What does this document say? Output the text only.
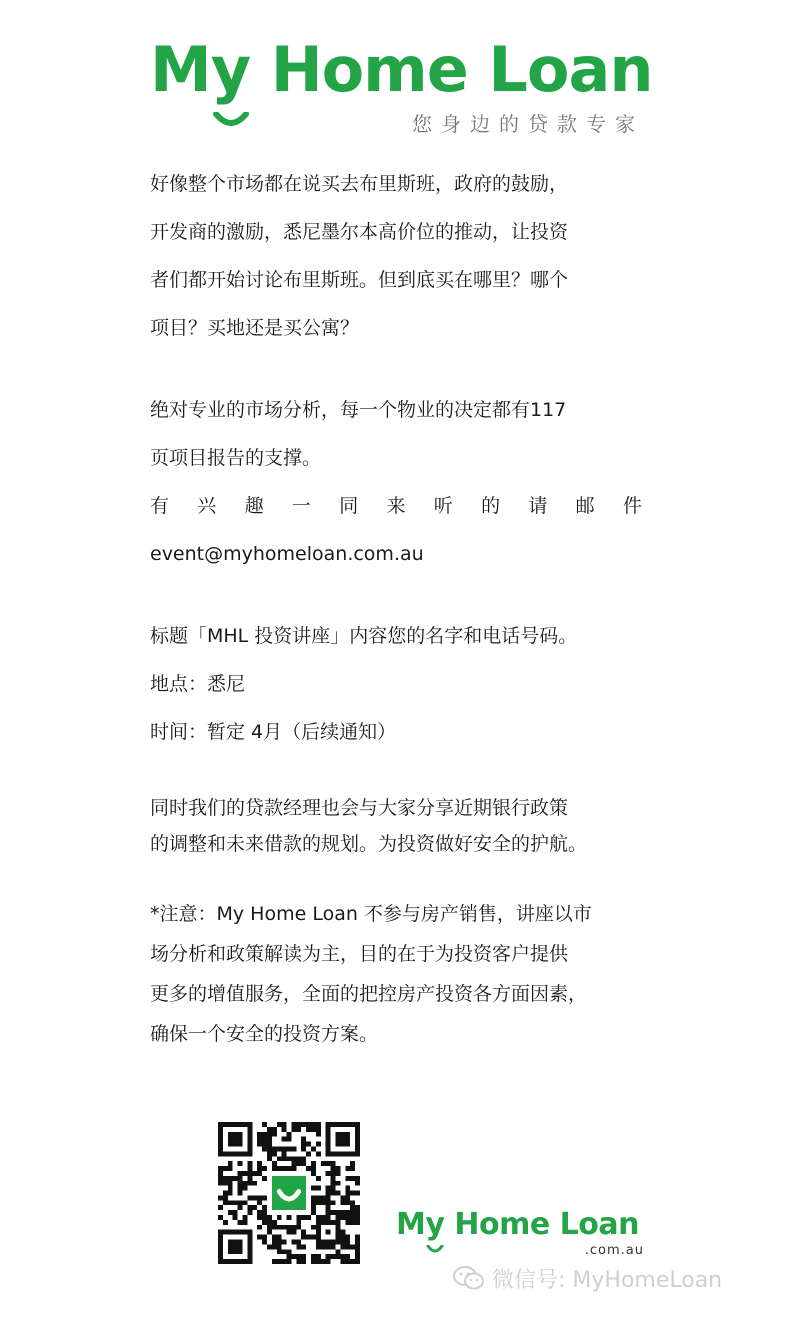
My Home Loan
您身边的贷款专家
好像整个市场都在说买去布里斯班，政府的鼓励，
开发商的激励，悉尼墨尔本高价位的推动，让投资
者们都开始讨论布里斯班。但到底买在哪里？哪个
项目？买地还是买公寓？
绝对专业的市场分析，每一个物业的决定都有117
页项目报告的支撑。
有 兴 趣 一 同 来 听 的 请 邮 件
event@myhomeloan.com.au
标题「MHL 投资讲座」内容您的名字和电话号码。
地点：悉尼
时间：暂定 4月（后续通知）
同时我们的贷款经理也会与大家分享近期银行政策
的调整和未来借款的规划。为投资做好安全的护航。
*注意：My Home Loan 不参与房产销售，讲座以市
场分析和政策解读为主，目的在于为投资客户提供
更多的增值服务，全面的把控房产投资各方面因素，
确保一个安全的投资方案。
My Home Loan
.com.au
微信号: MyHomeLoan
